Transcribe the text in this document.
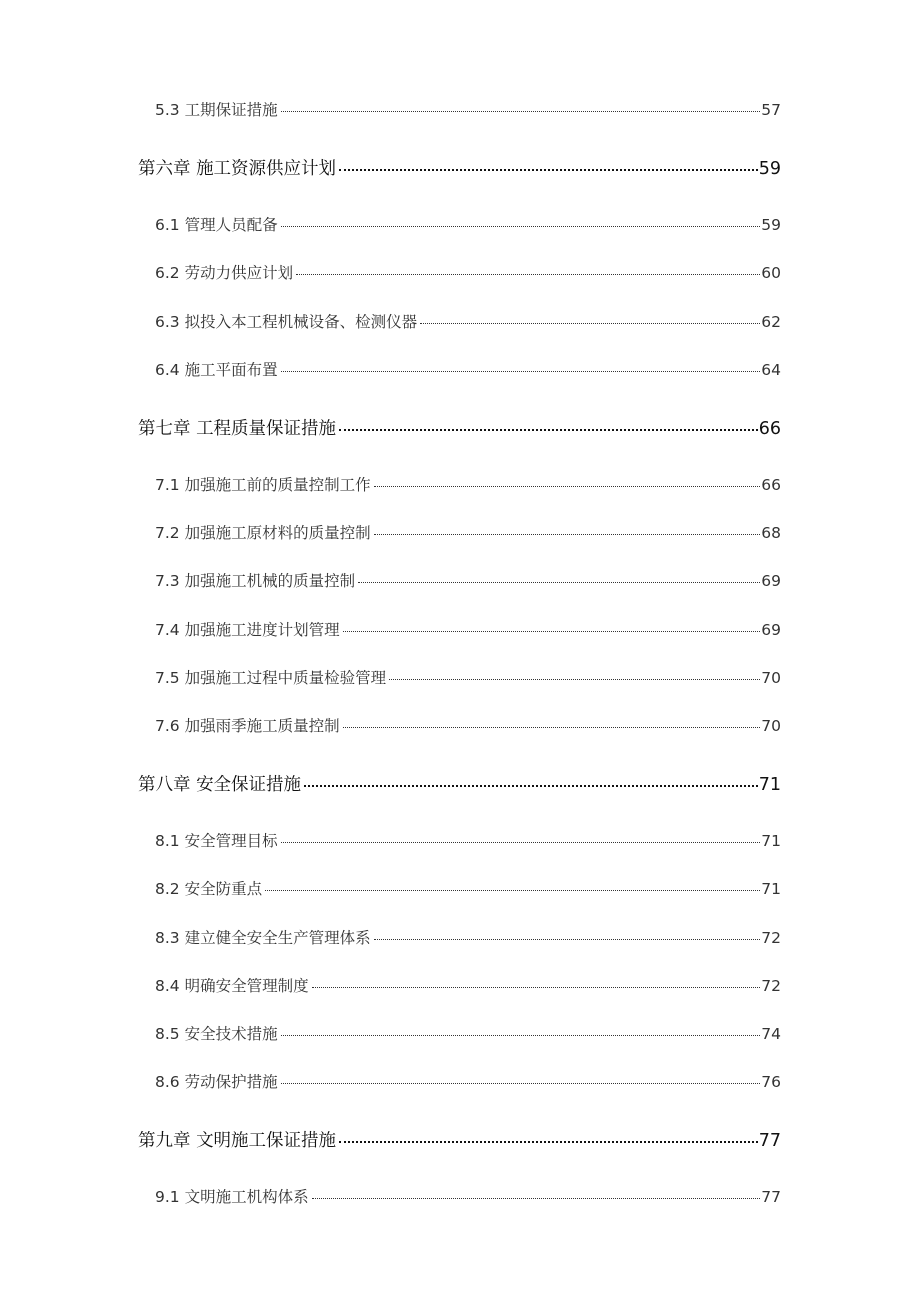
5.3 工期保证措施	57
第六章 施工资源供应计划	59
6.1 管理人员配备	59
6.2 劳动力供应计划	60
6.3 拟投入本工程机械设备、检测仪器	62
6.4 施工平面布置	64
第七章 工程质量保证措施	66
7.1 加强施工前的质量控制工作	66
7.2 加强施工原材料的质量控制	68
7.3 加强施工机械的质量控制	69
7.4 加强施工进度计划管理	69
7.5 加强施工过程中质量检验管理	70
7.6 加强雨季施工质量控制	70
第八章 安全保证措施	71
8.1 安全管理目标	71
8.2 安全防重点	71
8.3 建立健全安全生产管理体系	72
8.4 明确安全管理制度	72
8.5 安全技术措施	74
8.6 劳动保护措施	76
第九章 文明施工保证措施	77
9.1 文明施工机构体系	77
